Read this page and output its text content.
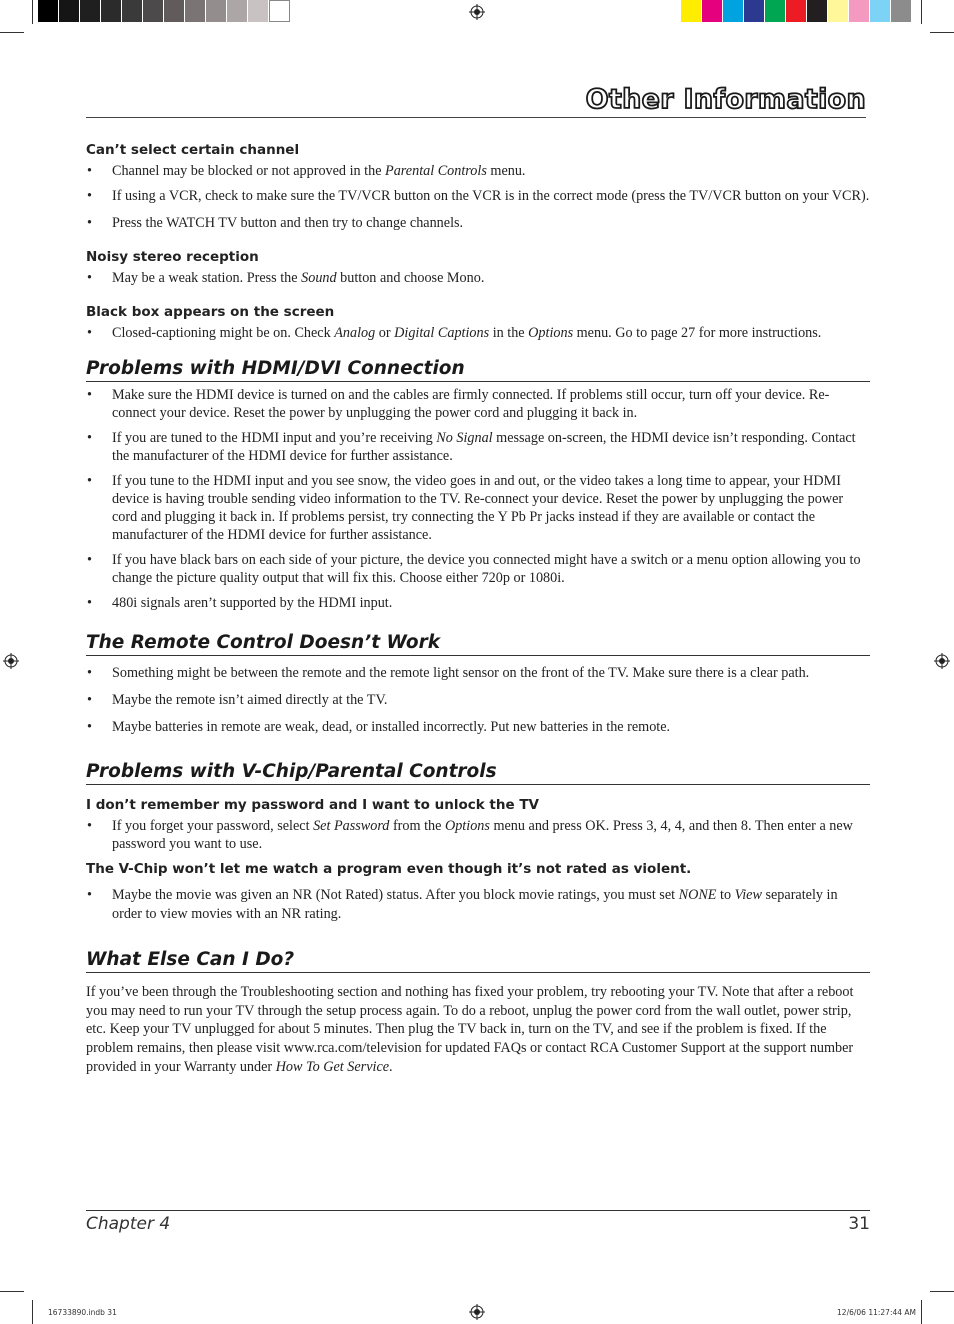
Other Information
Can’t select certain channel
• Channel may be blocked or not approved in the Parental Controls menu.
• If using a VCR, check to make sure the TV/VCR button on the VCR is in the correct mode (press the TV/VCR button on your VCR).
• Press the WATCH TV button and then try to change channels.
Noisy stereo reception
• May be a weak station. Press the Sound button and choose Mono.
Black box appears on the screen
• Closed-captioning might be on. Check Analog or Digital Captions in the Options menu. Go to page 27 for more instructions.
Problems with HDMI/DVI Connection
• Make sure the HDMI device is turned on and the cables are firmly connected. If problems still occur, turn off your device. Re-connect your device. Reset the power by unplugging the power cord and plugging it back in.
• If you are tuned to the HDMI input and you’re receiving No Signal message on-screen, the HDMI device isn’t responding. Contact the manufacturer of the HDMI device for further assistance.
• If you tune to the HDMI input and you see snow, the video goes in and out, or the video takes a long time to appear, your HDMI device is having trouble sending video information to the TV. Re-connect your device. Reset the power by unplugging the power cord and plugging it back in. If problems persist, try connecting the Y Pb Pr jacks instead if they are available or contact the manufacturer of the HDMI device for further assistance.
• If you have black bars on each side of your picture, the device you connected might have a switch or a menu option allowing you to change the picture quality output that will fix this. Choose either 720p or 1080i.
• 480i signals aren’t supported by the HDMI input.
The Remote Control Doesn’t Work
• Something might be between the remote and the remote light sensor on the front of the TV. Make sure there is a clear path.
• Maybe the remote isn’t aimed directly at the TV.
• Maybe batteries in remote are weak, dead, or installed incorrectly. Put new batteries in the remote.
Problems with V-Chip/Parental Controls
I don’t remember my password and I want to unlock the TV
• If you forget your password, select Set Password from the Options menu and press OK. Press 3, 4, 4, and then 8. Then enter a new password you want to use.
The V-Chip won’t let me watch a program even though it’s not rated as violent.
• Maybe the movie was given an NR (Not Rated) status. After you block movie ratings, you must set NONE to View separately in order to view movies with an NR rating.
What Else Can I Do?

If you’ve been through the Troubleshooting section and nothing has fixed your problem, try rebooting your TV. Note that after a reboot you may need to run your TV through the setup process again. To do a reboot, unplug the power cord from the wall outlet, power strip, etc. Keep your TV unplugged for about 5 minutes. Then plug the TV back in, turn on the TV, and see if the problem is fixed. If the problem remains, then please visit www.rca.com/television for updated FAQs or contact RCA Customer Support at the support number provided in your Warranty under How To Get Service.

Chapter 4	31
16733890.indb 31	12/6/06 11:27:44 AM
